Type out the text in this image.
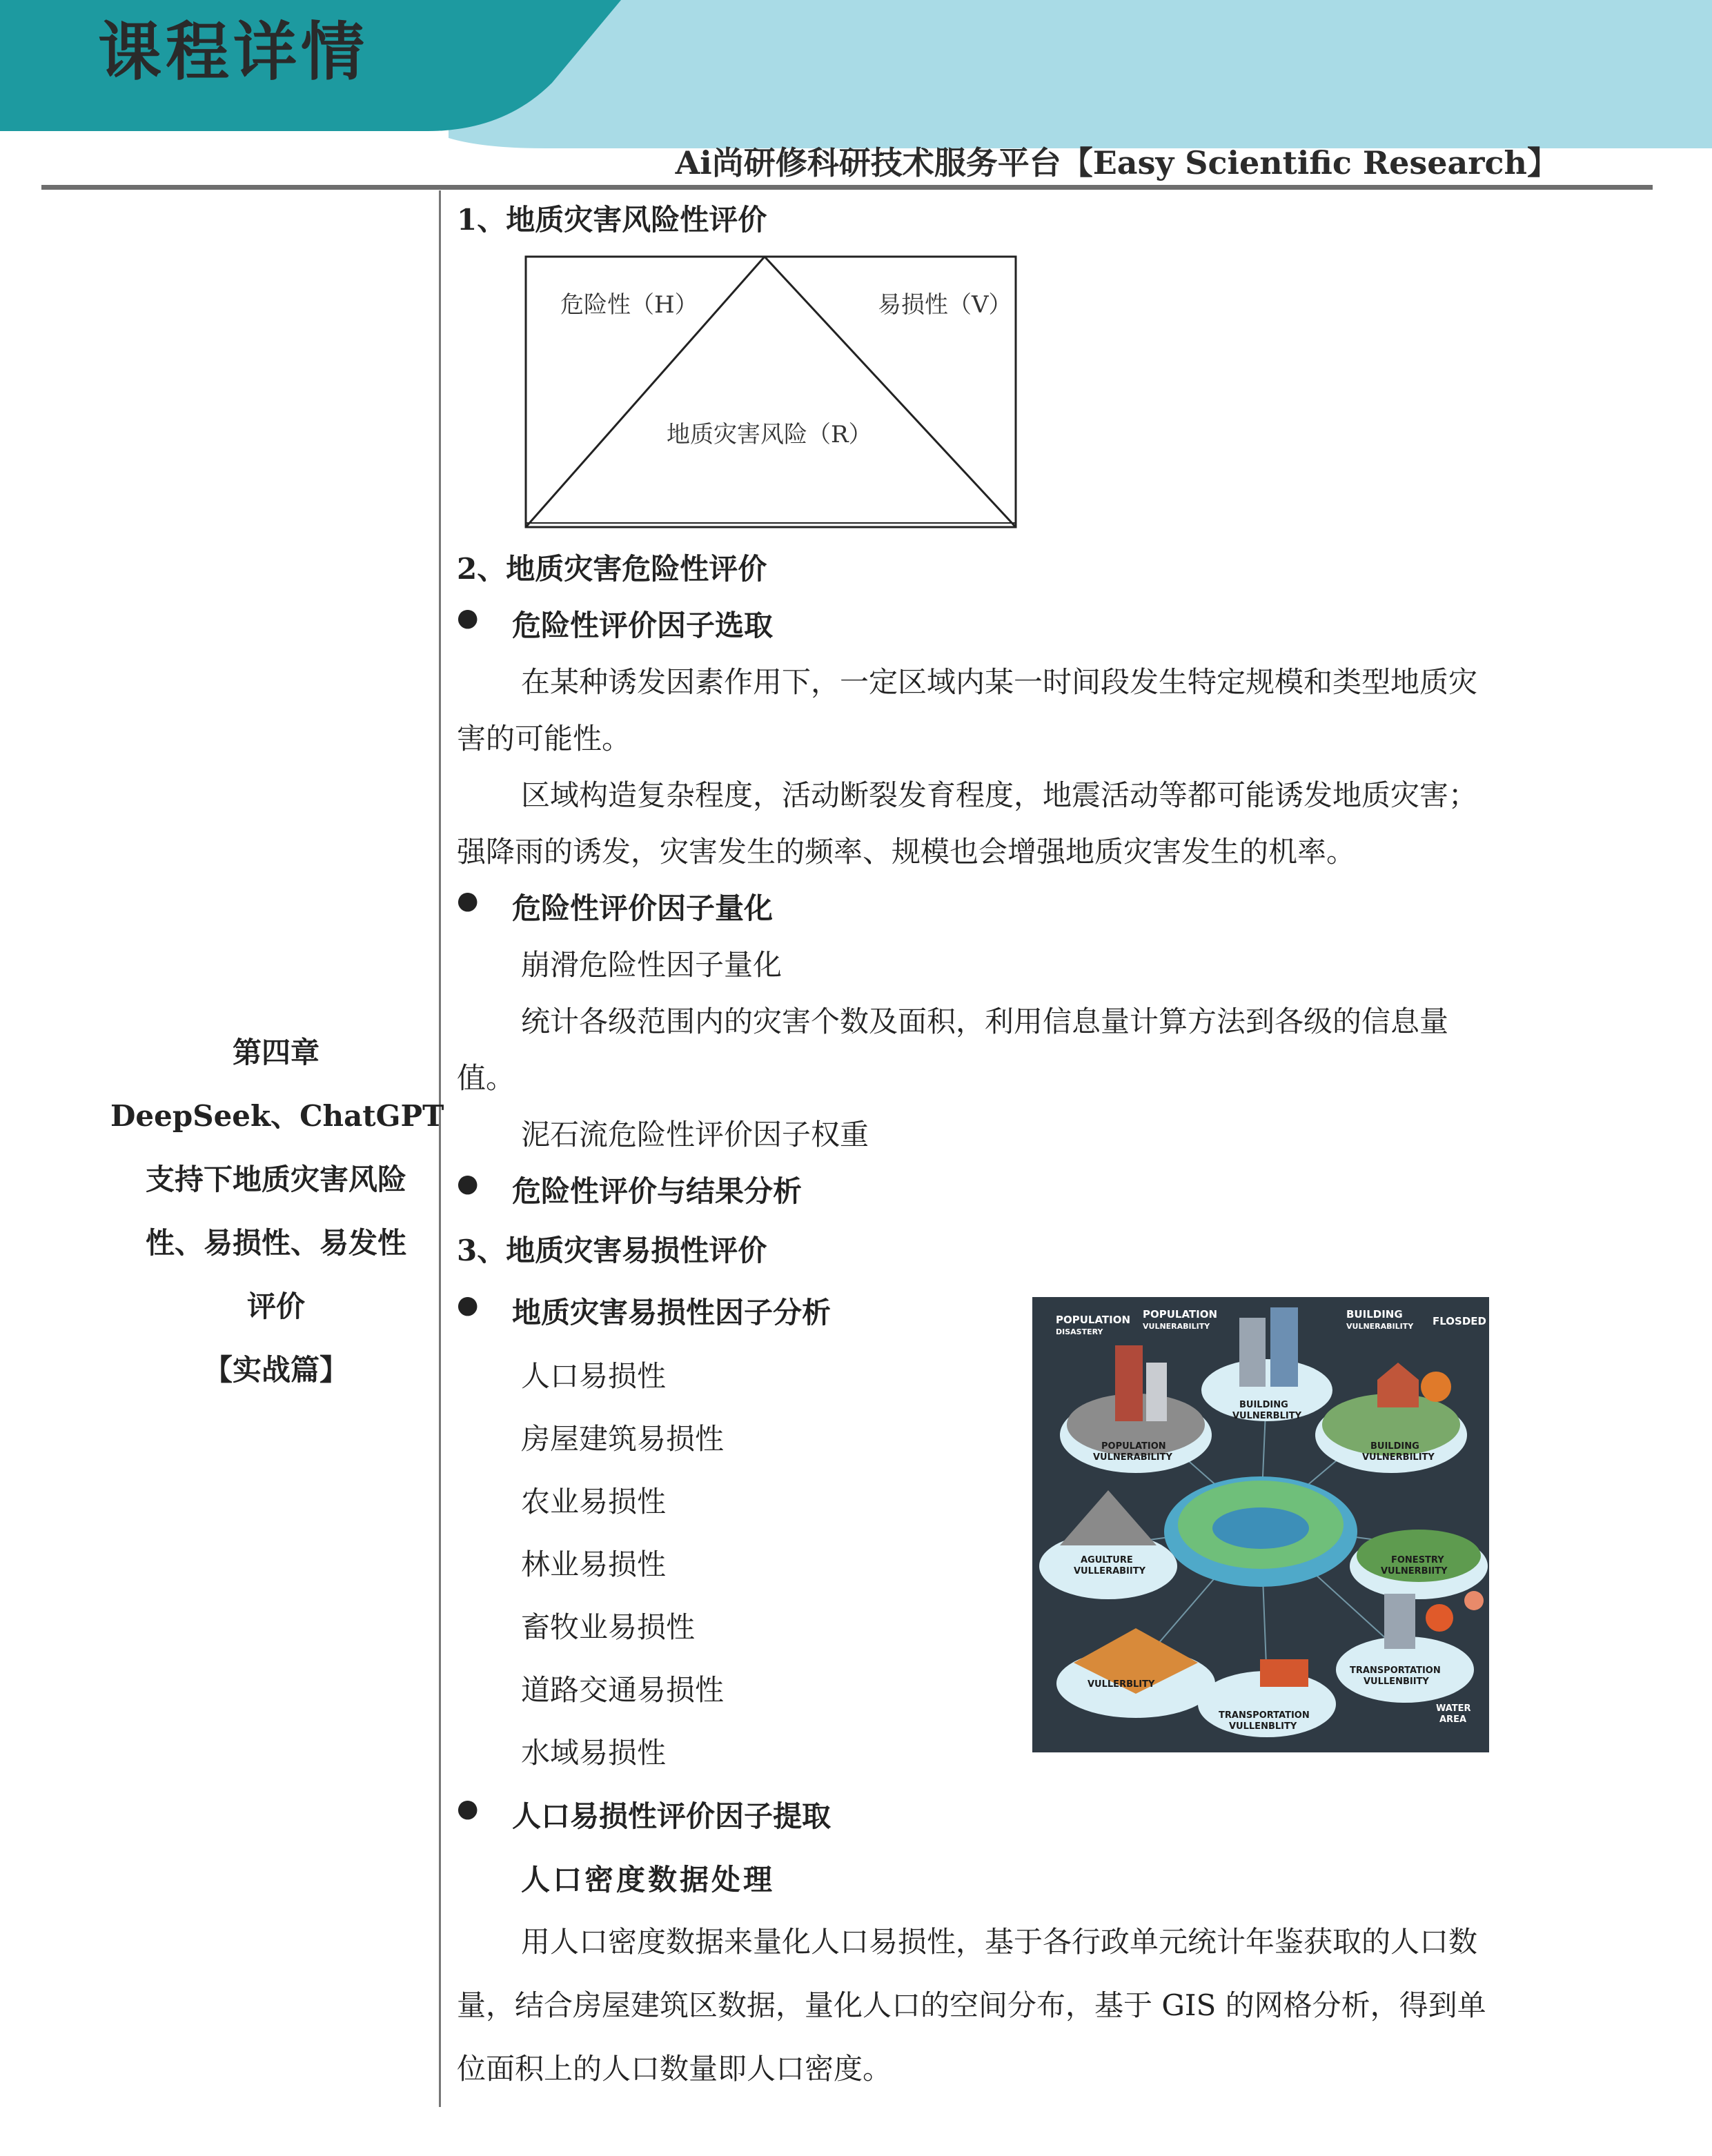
课程详情
Ai尚研修科研技术服务平台【Easy Scientific Research】
第四章
DeepSeek、ChatGPT
支持下地质灾害风险
性、易损性、易发性
评价
【实战篇】
1、地质灾害风险性评价
危险性（H）	易损性（V）
地质灾害风险（R）
2、地质灾害危险性评价
● 危险性评价因子选取
在某种诱发因素作用下，一定区域内某一时间段发生特定规模和类型地质灾
害的可能性。
区域构造复杂程度，活动断裂发育程度，地震活动等都可能诱发地质灾害；
强降雨的诱发，灾害发生的频率、规模也会增强地质灾害发生的机率。
● 危险性评价因子量化
崩滑危险性因子量化
统计各级范围内的灾害个数及面积，利用信息量计算方法到各级的信息量
值。
泥石流危险性评价因子权重
● 危险性评价与结果分析
3、地质灾害易损性评价
● 地质灾害易损性因子分析
人口易损性
房屋建筑易损性
农业易损性
林业易损性
畜牧业易损性
道路交通易损性
水域易损性
● 人口易损性评价因子提取
人口密度数据处理
用人口密度数据来量化人口易损性，基于各行政单元统计年鉴获取的人口数
量，结合房屋建筑区数据，量化人口的空间分布，基于 GIS 的网格分析，得到单
位面积上的人口数量即人口密度。
POPULATION
DISASTERY
POPULATION
VULNERABILITY
BUILDING
VULNERABILITY FLOSDED
BUILDING
VULNERBLITY
POPULATION
VULNERABILITY
BUILDING
VULNERBILITY
AGULTURE
VULLERABIITY
FONESTRY
VULNERBIITY
VULLERBLITY
TRANSPORTATION
VULLENBLITY
TRANSPORTATION
VULLENBIITY
WATER
AREA
